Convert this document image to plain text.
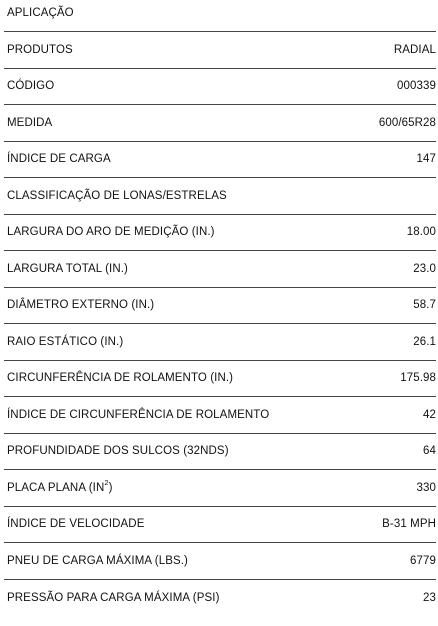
APLICAÇÃO
PRODUTOS	RADIAL
CÓDIGO	000339
MEDIDA	600/65R28
ÍNDICE DE CARGA	147
CLASSIFICAÇÃO DE LONAS/ESTRELAS
LARGURA DO ARO DE MEDIÇÃO (IN.)	18.00
LARGURA TOTAL (IN.)	23.0
DIÂMETRO EXTERNO (IN.)	58.7
RAIO ESTÁTICO (IN.)	26.1
CIRCUNFERÊNCIA DE ROLAMENTO (IN.)	175.98
ÍNDICE DE CIRCUNFERÊNCIA DE ROLAMENTO	42
PROFUNDIDADE DOS SULCOS (32NDS)	64
PLACA PLANA $(IN^2)$	330
ÍNDICE DE VELOCIDADE	B-31 MPH
PNEU DE CARGA MÁXIMA (LBS.)	6779
PRESSÃO PARA CARGA MÁXIMA (PSI)	23
